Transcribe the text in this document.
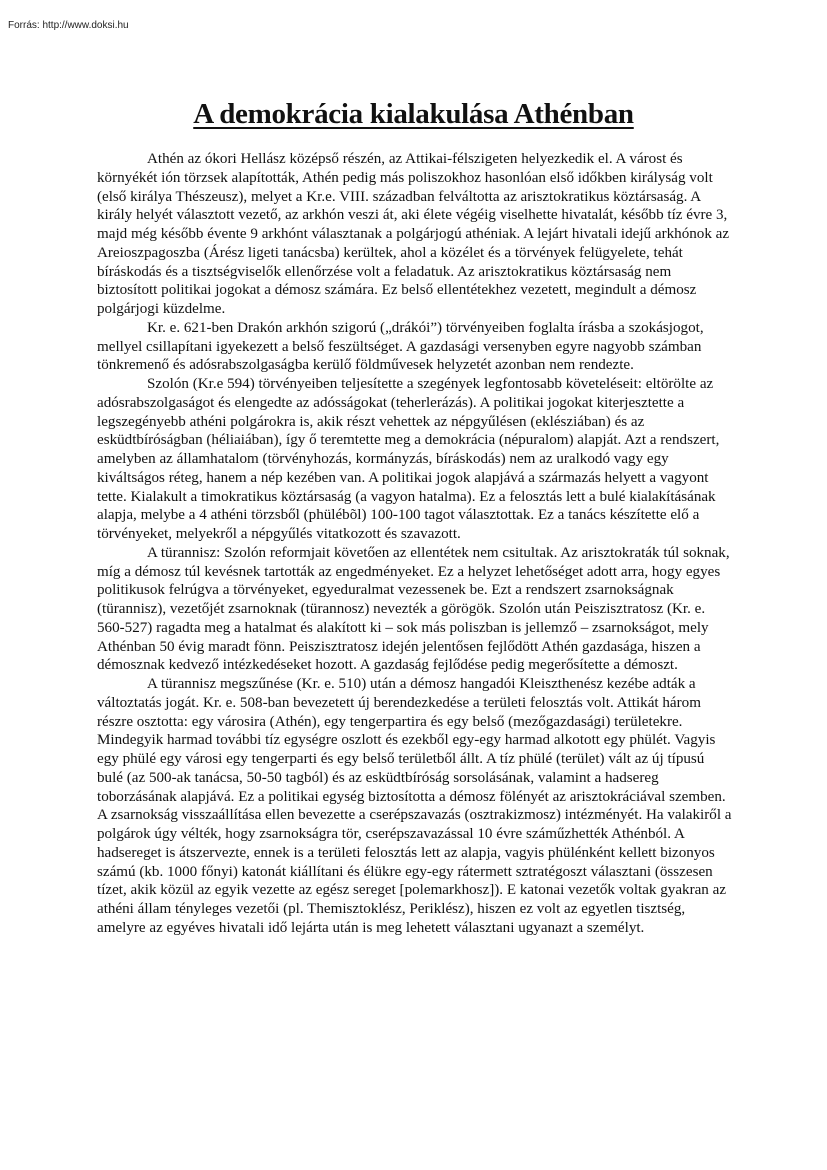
Forrás: http://www.doksi.hu
A demokrácia kialakulása Athénban

Athén az ókori Hellász középső részén, az Attikai-félszigeten helyezkedik el. A várost és környékét ión törzsek alapították, Athén pedig más poliszokhoz hasonlóan első időkben királyság volt (első királya Thészeusz), melyet a Kr.e. VIII. században felváltotta az arisztokratikus köztársaság. A király helyét választott vezető, az arkhón veszi át, aki élete végéig viselhette hivatalát, később tíz évre 3, majd még később évente 9 arkhónt választanak a polgárjogú athéniak. A lejárt hivatali idejű arkhónok az Areioszpagoszba (Árész ligeti tanácsba) kerültek, ahol a közélet és a törvények felügyelete, tehát bíráskodás és a tisztségviselők ellenőrzése volt a feladatuk. Az arisztokratikus köztársaság nem biztosított politikai jogokat a démosz számára. Ez belső ellentétekhez vezetett, megindult a démosz polgárjogi küzdelme.

Kr. e. 621-ben Drakón arkhón szigorú („drákói”) törvényeiben foglalta írásba a szokásjogot, mellyel csillapítani igyekezett a belső feszültséget. A gazdasági versenyben egyre nagyobb számban tönkremenő és adósrabszolgaságba kerülő földművesek helyzetét azonban nem rendezte.

Szolón (Kr.e 594) törvényeiben teljesítette a szegények legfontosabb követeléseit: eltörölte az adósrabszolgaságot és elengedte az adósságokat (teherlerázás). A politikai jogokat kiterjesztette a legszegényebb athéni polgárokra is, akik részt vehettek az népgyűlésen (eklésziában) és az esküdtbíróságban (héliaiában), így ő teremtette meg a demokrácia (népuralom) alapját. Azt a rendszert, amelyben az államhatalom (törvényhozás, kormányzás, bíráskodás) nem az uralkodó vagy egy kiváltságos réteg, hanem a nép kezében van. A politikai jogok alapjává a származás helyett a vagyont tette. Kialakult a timokratikus köztársaság (a vagyon hatalma). Ez a felosztás lett a bulé kialakításának alapja, melybe a 4 athéni törzsből (phülébõl) 100-100 tagot választottak. Ez a tanács készítette elő a törvényeket, melyekről a népgyűlés vitatkozott és szavazott.

A türannisz: Szolón reformjait követően az ellentétek nem csitultak. Az arisztokraták túl soknak, míg a démosz túl kevésnek tartották az engedményeket. Ez a helyzet lehetőséget adott arra, hogy egyes politikusok felrúgva a törvényeket, egyeduralmat vezessenek be. Ezt a rendszert zsarnokságnak (türannisz), vezetőjét zsarnoknak (türannosz) nevezték a görögök. Szolón után Peiszisztratosz (Kr. e. 560-527) ragadta meg a hatalmat és alakított ki – sok más poliszban is jellemző – zsarnokságot, mely Athénban 50 évig maradt fönn. Peiszisztratosz idején jelentősen fejlődött Athén gazdasága, hiszen a démosznak kedvező intézkedéseket hozott. A gazdaság fejlődése pedig megerősítette a démoszt.

A türannisz megszűnése (Kr. e. 510) után a démosz hangadói Kleiszthenész kezébe adták a változtatás jogát. Kr. e. 508-ban bevezetett új berendezkedése a területi felosztás volt. Attikát három részre osztotta: egy városira (Athén), egy tengerpartira és egy belső (mezőgazdasági) területekre. Mindegyik harmad további tíz egységre oszlott és ezekből egy-egy harmad alkotott egy phülét. Vagyis egy phülé egy városi egy tengerparti és egy belső területből állt. A tíz phülé (terület) vált az új típusú bulé (az 500-ak tanácsa, 50-50 tagból) és az esküdtbíróság sorsolásának, valamint a hadsereg toborzásának alapjává. Ez a politikai egység biztosította a démosz fölényét az arisztokráciával szemben. A zsarnokság visszaállítása ellen bevezette a cserépszavazás (osztrakizmosz) intézményét. Ha valakiről a polgárok úgy vélték, hogy zsarnokságra tör, cserépszavazással 10 évre száműzhették Athénból. A hadsereget is átszervezte, ennek is a területi felosztás lett az alapja, vagyis phülénként kellett bizonyos számú (kb. 1000 főnyi) katonát kiállítani és élükre egy-egy rátermett sztratégoszt választani (összesen tízet, akik közül az egyik vezette az egész sereget [polemarkhosz]). E katonai vezetők voltak gyakran az athéni állam tényleges vezetői (pl. Themisztoklész, Periklész), hiszen ez volt az egyetlen tisztség, amelyre az egyéves hivatali idő lejárta után is meg lehetett választani ugyanazt a személyt.
